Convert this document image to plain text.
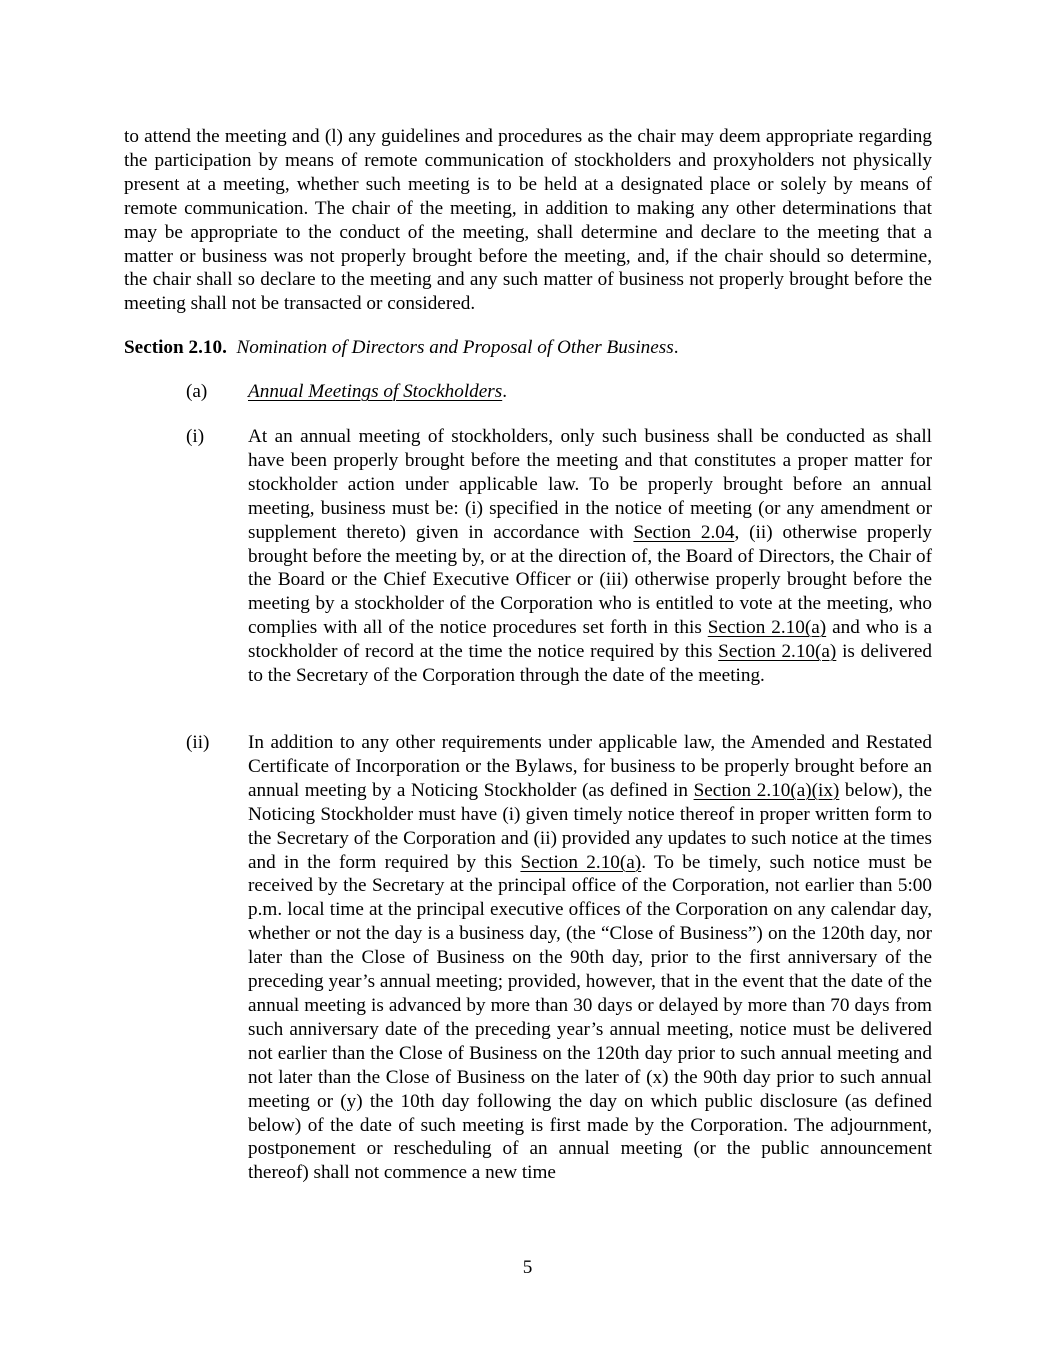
to attend the meeting and (l) any guidelines and procedures as the chair may deem appropriate regarding the participation by means of remote communication of stockholders and proxyholders not physically present at a meeting, whether such meeting is to be held at a designated place or solely by means of remote communication. The chair of the meeting, in addition to making any other determinations that may be appropriate to the conduct of the meeting, shall determine and declare to the meeting that a matter or business was not properly brought before the meeting, and, if the chair should so determine, the chair shall so declare to the meeting and any such matter of business not properly brought before the meeting shall not be transacted or considered.

Section 2.10. Nomination of Directors and Proposal of Other Business.

(a) Annual Meetings of Stockholders.
(i) At an annual meeting of stockholders, only such business shall be conducted as shall have been properly brought before the meeting and that constitutes a proper matter for stockholder action under applicable law. To be properly brought before an annual meeting, business must be: (i) specified in the notice of meeting (or any amendment or supplement thereto) given in accordance with Section 2.04, (ii) otherwise properly brought before the meeting by, or at the direction of, the Board of Directors, the Chair of the Board or the Chief Executive Officer or (iii) otherwise properly brought before the meeting by a stockholder of the Corporation who is entitled to vote at the meeting, who complies with all of the notice procedures set forth in this Section 2.10(a) and who is a stockholder of record at the time the notice required by this Section 2.10(a) is delivered to the Secretary of the Corporation through the date of the meeting.
(ii) In addition to any other requirements under applicable law, the Amended and Restated Certificate of Incorporation or the Bylaws, for business to be properly brought before an annual meeting by a Noticing Stockholder (as defined in Section 2.10(a)(ix) below), the Noticing Stockholder must have (i) given timely notice thereof in proper written form to the Secretary of the Corporation and (ii) provided any updates to such notice at the times and in the form required by this Section 2.10(a). To be timely, such notice must be received by the Secretary at the principal office of the Corporation, not earlier than 5:00 p.m. local time at the principal executive offices of the Corporation on any calendar day, whether or not the day is a business day, (the “Close of Business”) on the 120th day, nor later than the Close of Business on the 90th day, prior to the first anniversary of the preceding year’s annual meeting; provided, however, that in the event that the date of the annual meeting is advanced by more than 30 days or delayed by more than 70 days from such anniversary date of the preceding year’s annual meeting, notice must be delivered not earlier than the Close of Business on the 120th day prior to such annual meeting and not later than the Close of Business on the later of (x) the 90th day prior to such annual meeting or (y) the 10th day following the day on which public disclosure (as defined below) of the date of such meeting is first made by the Corporation. The adjournment, postponement or rescheduling of an annual meeting (or the public announcement thereof) shall not commence a new time
5
